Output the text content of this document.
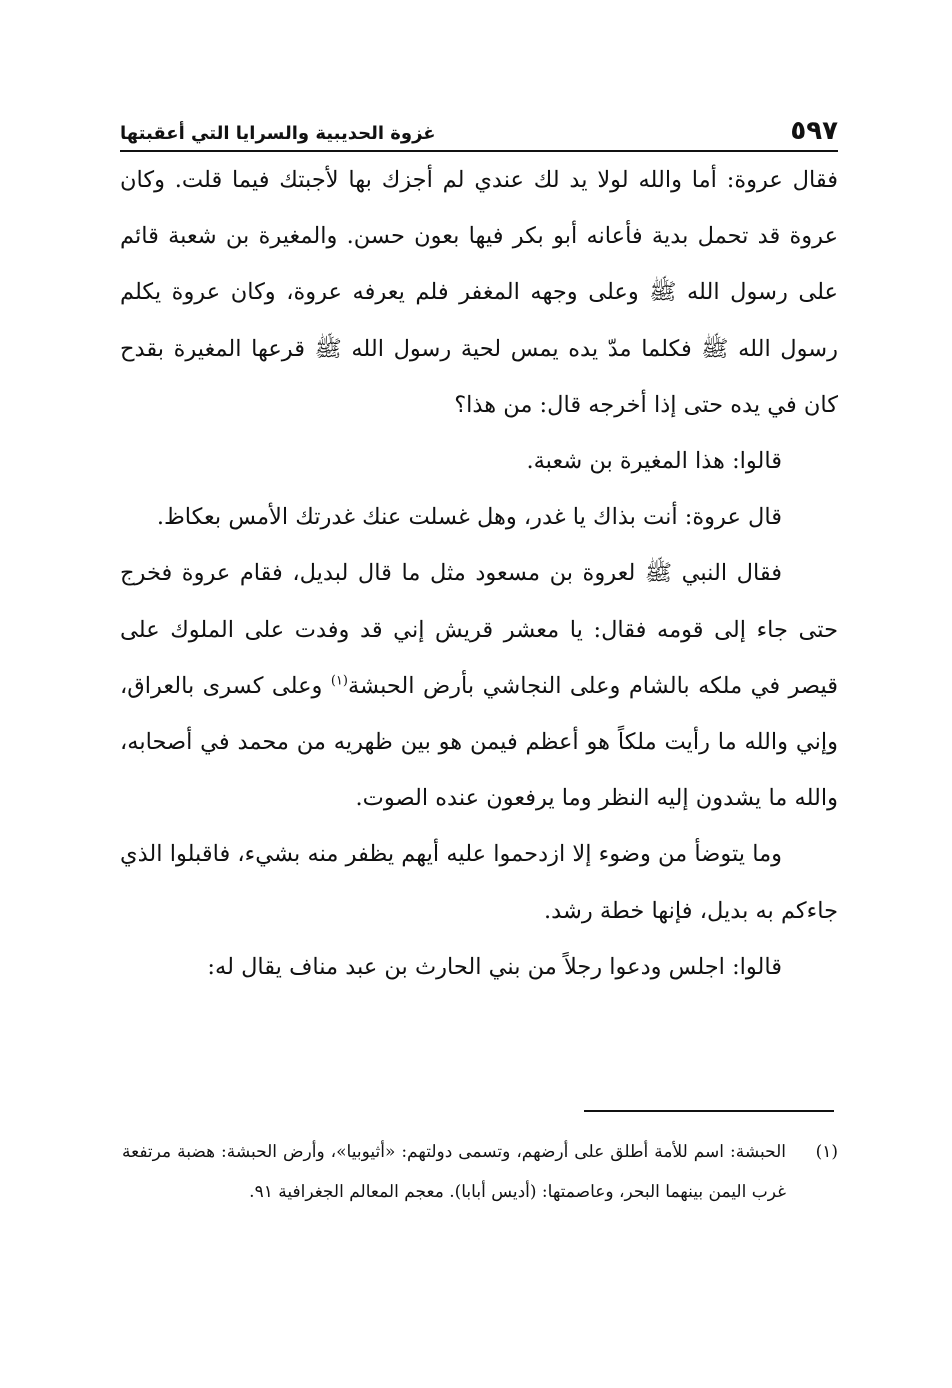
٥٩٧
غزوة الحديبية والسرايا التي أعقبتها

فقال عروة: أما والله لولا يد لك عندي لم أجزك بها لأجبتك فيما قلت. وكان عروة قد تحمل بدية فأعانه أبو بكر فيها بعون حسن. والمغيرة بن شعبة قائم على رسول الله ﷺ وعلى وجهه المغفر فلم يعرفه عروة، وكان عروة يكلم رسول الله ﷺ فكلما مدّ يده يمس لحية رسول الله ﷺ قرعها المغيرة بقدح كان في يده حتى إذا أخرجه قال: من هذا؟

قالوا: هذا المغيرة بن شعبة.

قال عروة: أنت بذاك يا غدر، وهل غسلت عنك غدرتك الأمس بعكاظ.

فقال النبي ﷺ لعروة بن مسعود مثل ما قال لبديل، فقام عروة فخرج حتى جاء إلى قومه فقال: يا معشر قريش إني قد وفدت على الملوك على قيصر في ملكه بالشام وعلى النجاشي بأرض الحبشة$^{(١)}$ وعلى كسرى بالعراق، وإني والله ما رأيت ملكاً هو أعظم فيمن هو بين ظهريه من محمد في أصحابه، والله ما يشدون إليه النظر وما يرفعون عنده الصوت.

وما يتوضأ من وضوء إلا ازدحموا عليه أيهم يظفر منه بشيء، فاقبلوا الذي جاءكم به بديل، فإنها خطة رشد.

قالوا: اجلس ودعوا رجلاً من بني الحارث بن عبد مناف يقال له:

(١)
الحبشة: اسم للأمة أطلق على أرضهم، وتسمى دولتهم: «أثيوبيا»، وأرض الحبشة: هضبة مرتفعة غرب اليمن بينهما البحر، وعاصمتها: (أديس أبابا). معجم المعالم الجغرافية ٩١.
